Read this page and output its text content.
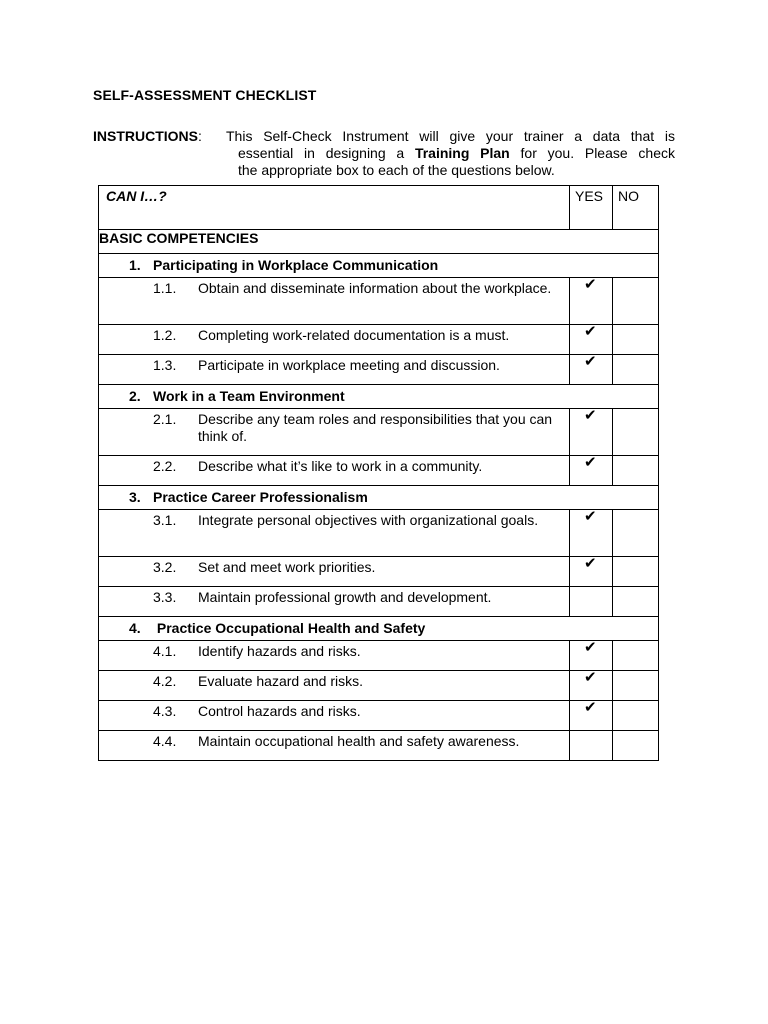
SELF-ASSESSMENT CHECKLIST
INSTRUCTIONS:	This Self-Check Instrument will give your trainer a data that is
essential in designing a Training Plan for you. Please check
the appropriate box to each of the questions below.
CAN I…?	YES	NO
BASIC COMPETENCIES		
1. Participating in Workplace Communication		
1.1. Obtain and disseminate information about the workplace.	✔	

1.2. Completing work-related documentation is a must.	✔	

1.3. Participate in workplace meeting and discussion.	✔	

2. Work in a Team Environment		
2.1. Describe any team roles and responsibilities that you can think of.	✔	

2.2. Describe what it’s like to work in a community.	✔	

3. Practice Career Professionalism		
3.1. Integrate personal objectives with organizational goals.	✔	

3.2. Set and meet work priorities.	✔	

3.3. Maintain professional growth and development.		
4. Practice Occupational Health and Safety		
4.1. Identify hazards and risks.	✔	

4.2. Evaluate hazard and risks.	✔	

4.3. Control hazards and risks.	✔	

4.4. Maintain occupational health and safety awareness.		
